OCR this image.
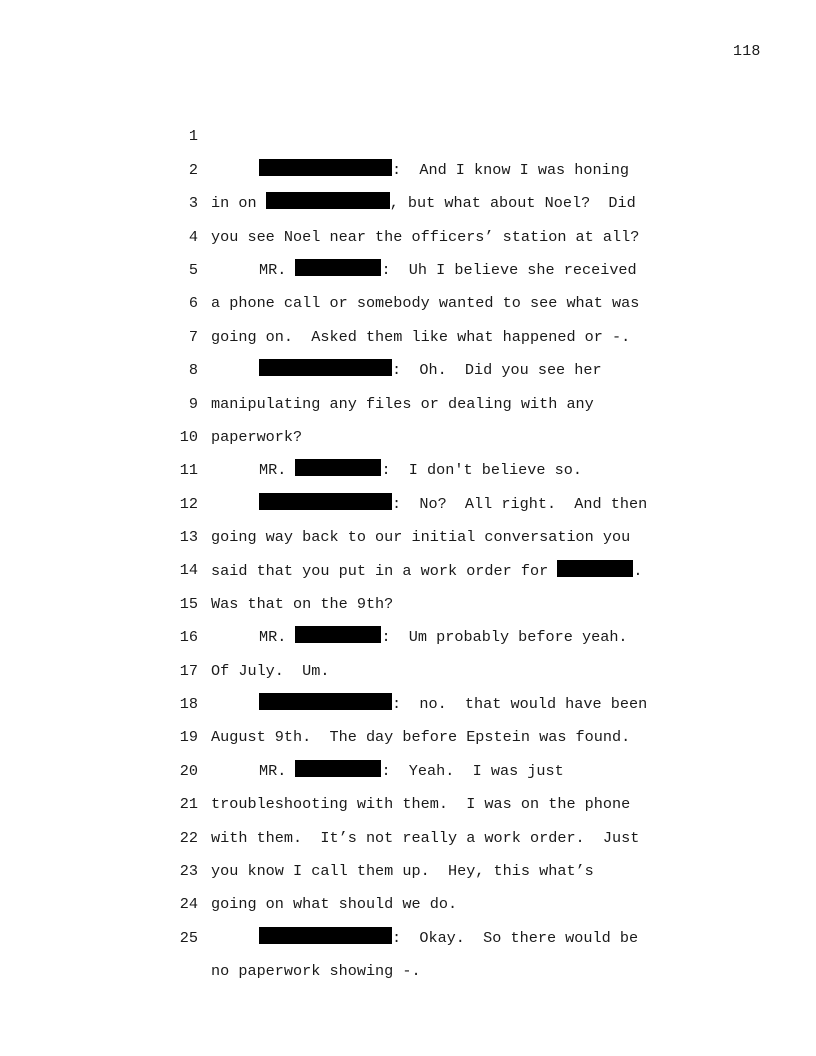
118

1

:  And I know I was honing

2

in on	, but what about Noel?  Did

3

you see Noel near the officers’ station at all?

4

MR.	:  Uh I believe she received

5

a phone call or somebody wanted to see what was

6

going on.  Asked them like what happened or -.

7

:  Oh.  Did you see her

8

manipulating any files or dealing with any

9

paperwork?

10

MR.	:  I don't believe so.

11

:  No?  All right.  And then

12

going way back to our initial conversation you

13

said that you put in a work order for	.

14

Was that on the 9th?

15

MR.	:  Um probably before yeah.

16

Of July.  Um.

17

:  no.  that would have been

18

August 9th.  The day before Epstein was found.

19

MR.	:  Yeah.  I was just

20

troubleshooting with them.  I was on the phone

21

with them.  It’s not really a work order.  Just

22

you know I call them up.  Hey, this what’s

23

going on what should we do.

24

:  Okay.  So there would be

25

no paperwork showing -.
